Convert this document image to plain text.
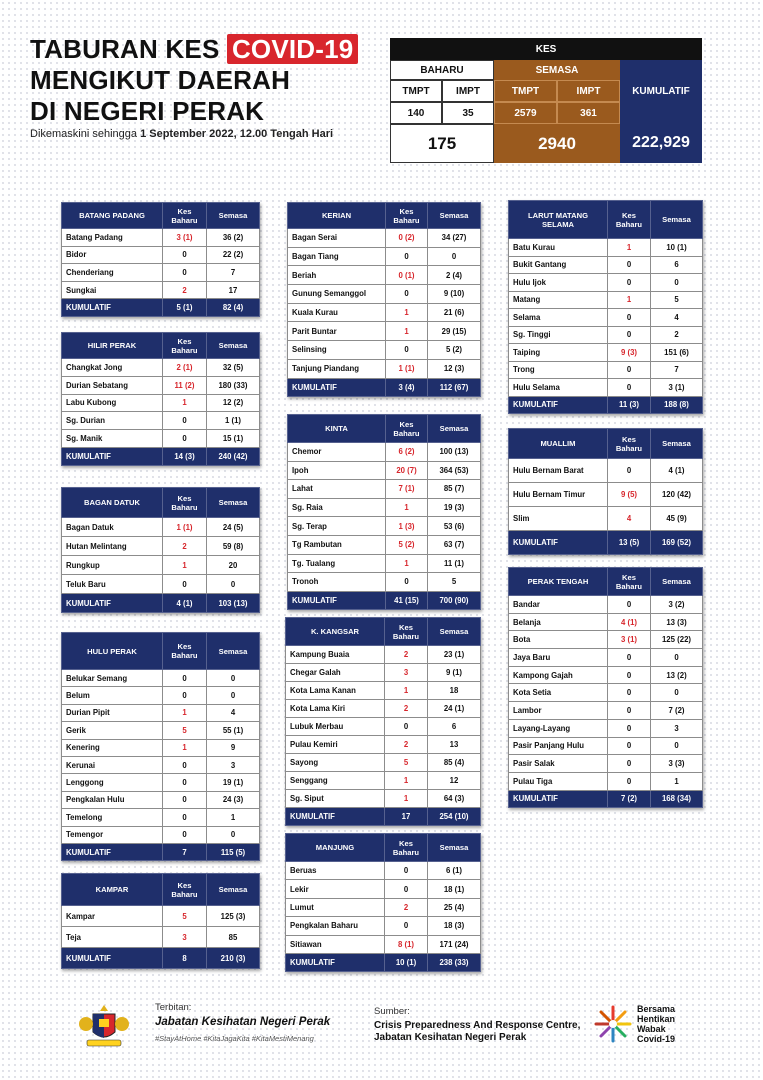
TABURAN KES COVID-19
MENGIKUT DAERAH
DI NEGERI PERAK
Dikemaskini sehingga 1 September 2022, 12.00 Tengah Hari
KES
BAHARU	SEMASA
KUMULATIF
TMPT	IMPT	TMPT	IMPT
140	35	2579	361
175	2940	222,929
BATANG PADANG	Kes Baharu	Semasa
Batang Padang	3 (1)	36 (2)
Bidor	0	22 (2)
Chenderiang	0	7
Sungkai	2	17
KUMULATIF	5 (1)	82 (4)
HILIR PERAK	Kes Baharu	Semasa
Changkat Jong	2 (1)	32 (5)
Durian Sebatang	11 (2)	180 (33)
Labu Kubong	1	12 (2)
Sg. Durian	0	1 (1)
Sg. Manik	0	15 (1)
KUMULATIF	14 (3)	240 (42)
BAGAN DATUK	Kes Baharu	Semasa
Bagan Datuk	1 (1)	24 (5)
Hutan Melintang	2	59 (8)
Rungkup	1	20
Teluk Baru	0	0
KUMULATIF	4 (1)	103 (13)
HULU PERAK	Kes Baharu	Semasa
Belukar Semang	0	0
Belum	0	0
Durian Pipit	1	4
Gerik	5	55 (1)
Kenering	1	9
Kerunai	0	3
Lenggong	0	19 (1)
Pengkalan Hulu	0	24 (3)
Temelong	0	1
Temengor	0	0
KUMULATIF	7	115 (5)
KAMPAR	Kes Baharu	Semasa
Kampar	5	125 (3)
Teja	3	85
KUMULATIF	8	210 (3)
KERIAN	Kes Baharu	Semasa
Bagan Serai	0 (2)	34 (27)
Bagan Tiang	0	0
Beriah	0 (1)	2 (4)
Gunung Semanggol	0	9 (10)
Kuala Kurau	1	21 (6)
Parit Buntar	1	29 (15)
Selinsing	0	5 (2)
Tanjung Piandang	1 (1)	12 (3)
KUMULATIF	3 (4)	112 (67)
KINTA	Kes Baharu	Semasa
Chemor	6 (2)	100 (13)
Ipoh	20 (7)	364 (53)
Lahat	7 (1)	85 (7)
Sg. Raia	1	19 (3)
Sg. Terap	1 (3)	53 (6)
Tg Rambutan	5 (2)	63 (7)
Tg. Tualang	1	11 (1)
Tronoh	0	5
KUMULATIF	41 (15)	700 (90)
K. KANGSAR	Kes Baharu	Semasa
Kampung Buaia	2	23 (1)
Chegar Galah	3	9 (1)
Kota Lama Kanan	1	18
Kota Lama Kiri	2	24 (1)
Lubuk Merbau	0	6
Pulau Kemiri	2	13
Sayong	5	85 (4)
Senggang	1	12
Sg. Siput	1	64 (3)
KUMULATIF	17	254 (10)
MANJUNG	Kes Baharu	Semasa
Beruas	0	6 (1)
Lekir	0	18 (1)
Lumut	2	25 (4)
Pengkalan Baharu	0	18 (3)
Sitiawan	8 (1)	171 (24)
KUMULATIF	10 (1)	238 (33)
LARUT MATANG SELAMA	Kes Baharu	Semasa
Batu Kurau	1	10 (1)
Bukit Gantang	0	6
Hulu Ijok	0	0
Matang	1	5
Selama	0	4
Sg. Tinggi	0	2
Taiping	9 (3)	151 (6)
Trong	0	7
Hulu Selama	0	3 (1)
KUMULATIF	11 (3)	188 (8)
MUALLIM	Kes Baharu	Semasa
Hulu Bernam Barat	0	4 (1)
Hulu Bernam Timur	9 (5)	120 (42)
Slim	4	45 (9)
KUMULATIF	13 (5)	169 (52)
PERAK TENGAH	Kes Baharu	Semasa
Bandar	0	3 (2)
Belanja	4 (1)	13 (3)
Bota	3 (1)	125 (22)
Jaya Baru	0	0
Kampong Gajah	0	13 (2)
Kota Setia	0	0
Lambor	0	7 (2)
Layang-Layang	0	3
Pasir Panjang Hulu	0	0
Pasir Salak	0	3 (3)
Pulau Tiga	0	1
KUMULATIF	7 (2)	168 (34)
Terbitan:
Jabatan Kesihatan Negeri Perak
#StayAtHome #KitaJagaKita #KitaMestiMenang
Sumber:
Crisis Preparedness And Response Centre,
Jabatan Kesihatan Negeri Perak
Bersama
Hentikan
Wabak
Covid-19
